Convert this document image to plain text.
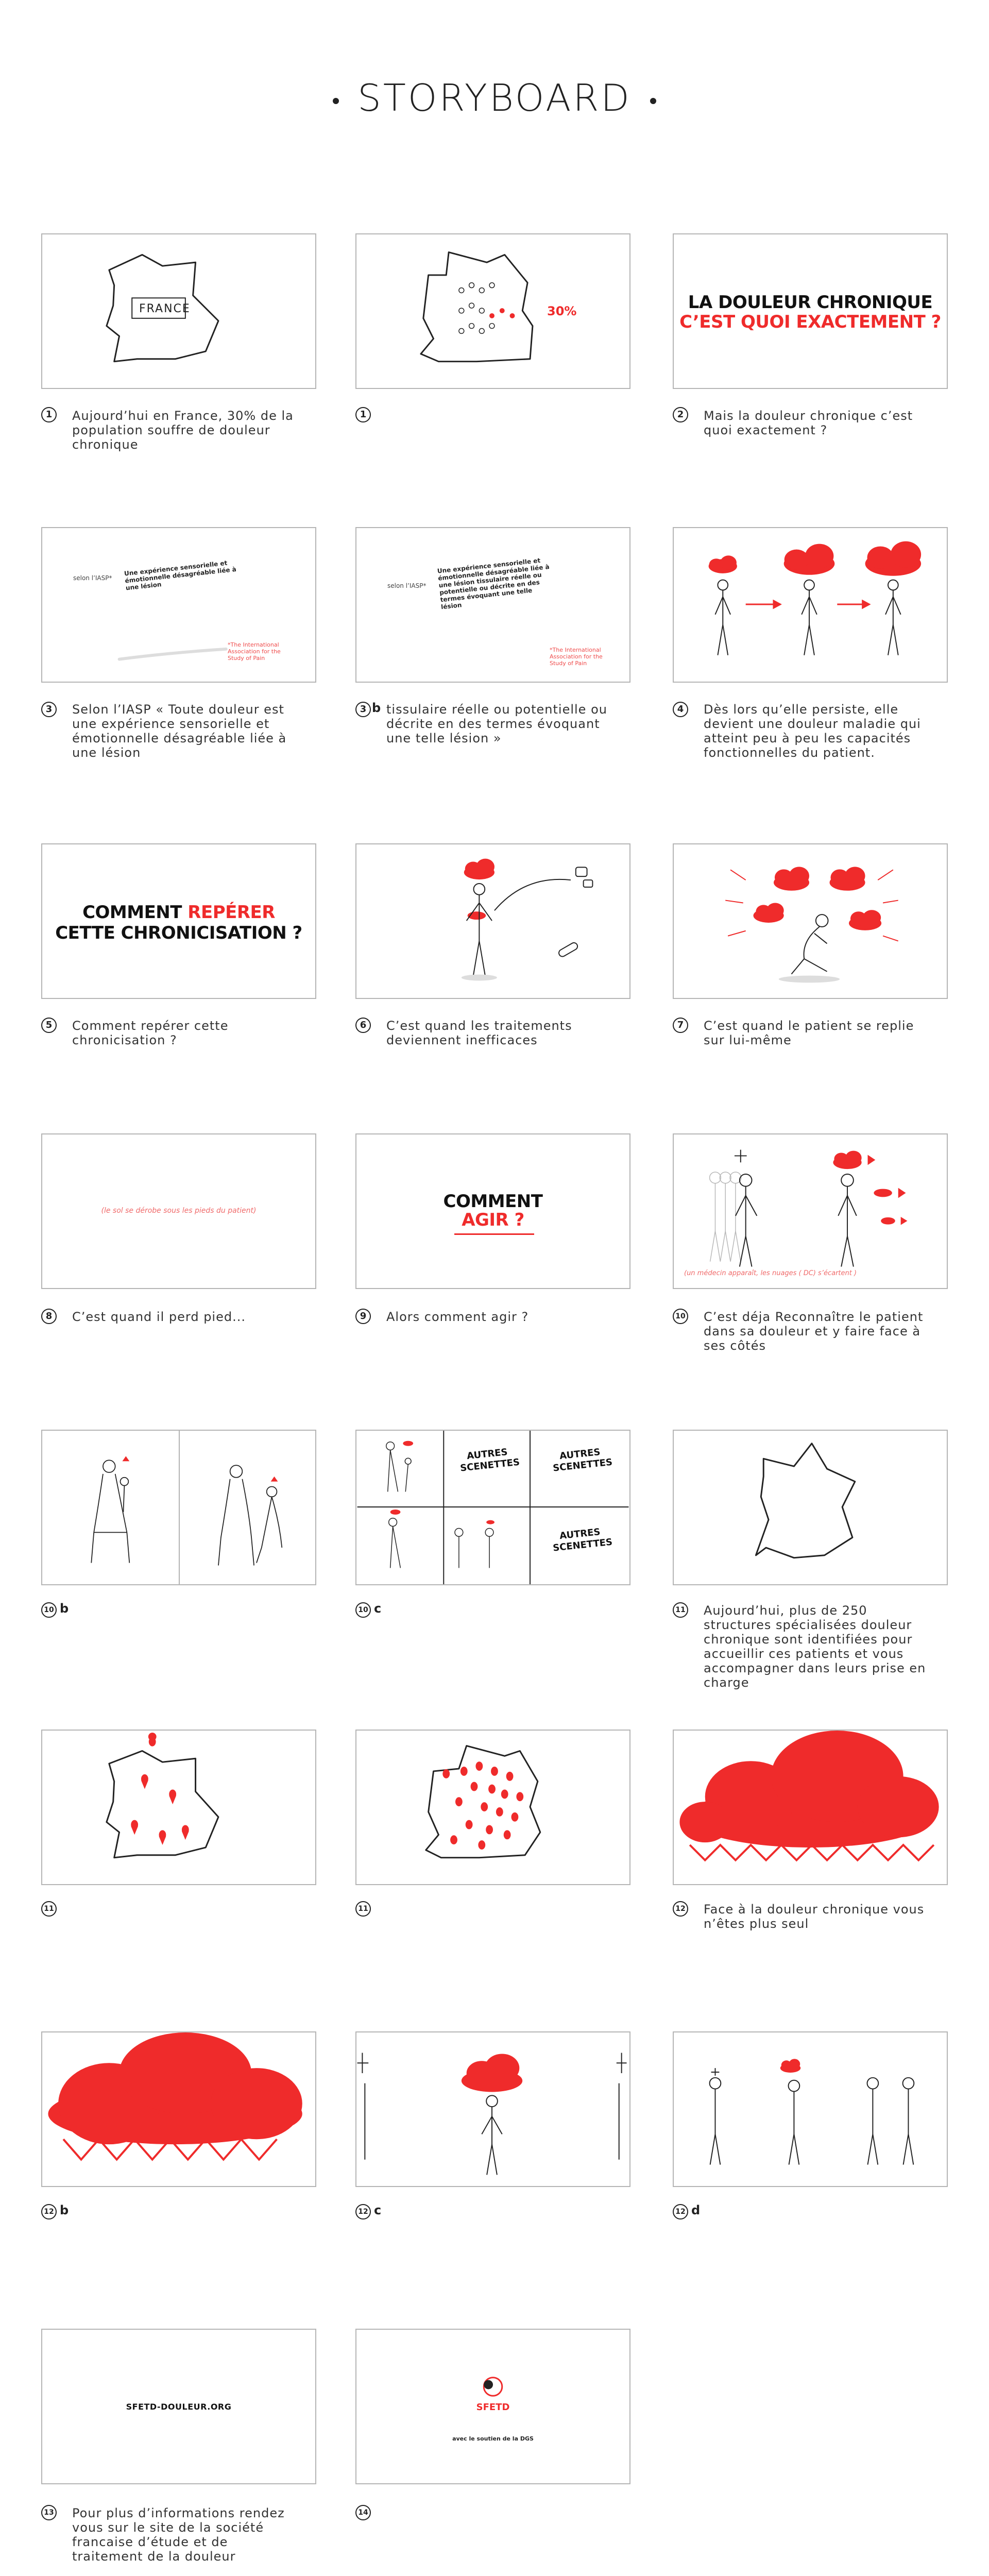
STORYBOARD
FRANCE
1	Aujourd’hui en France, 30% de la population souffre de douleur chronique
30%
1
LA DOULEUR CHRONIQUE
C’EST QUOI EXACTEMENT ?
2	Mais la douleur chronique c’est quoi exactement ?
selon l’IASP*
Une expérience sensorielle et émotionnelle désagréable liée à une lésion
*The International Association for the Study of Pain
3	Selon l’IASP « Toute douleur est une expérience sensorielle et émotionnelle désagréable liée à une lésion
selon l’IASP*
Une expérience sensorielle et émotionnelle désagréable liée à une lésion tissulaire réelle ou potentielle ou décrite en des termes évoquant une telle lésion
*The International Association for the Study of Pain
3 b tissulaire réelle ou potentielle ou décrite en des termes évoquant une telle lésion »
4	Dès lors qu’elle persiste, elle devient une douleur maladie qui atteint peu à peu les capacités fonctionnelles du patient.
COMMENT REPÉRER
CETTE CHRONICISATION ?
5	Comment repérer cette chronicisation ?
6	C’est quand les traitements deviennent inefficaces
7	C’est quand le patient se replie sur lui-même
(le sol se dérobe sous les pieds du patient)
8	C’est quand il perd pied...
COMMENT
AGIR ?
9	Alors comment agir ?
(un médecin apparaît, les nuages ( DC) s’écartent )
10 C’est déja Reconnaître le patient dans sa douleur et y faire face à ses côtés
10 b
AUTRES SCENETTES
AUTRES SCENETTES
AUTRES SCENETTES
10 c	11 Aujourd’hui, plus de 250 structures spécialisées douleur chronique sont identifiées pour accueillir ces patients et vous accompagner dans leurs prise en charge
11	11	12 Face à la douleur chronique vous n’êtes plus seul
12 b	12 c	12 d
SFETD-DOULEUR.ORG
13 Pour plus d’informations rendez vous sur le site de la société francaise d’étude et de traitement de la douleur
SFETD
avec le soutien de la DGS
14
